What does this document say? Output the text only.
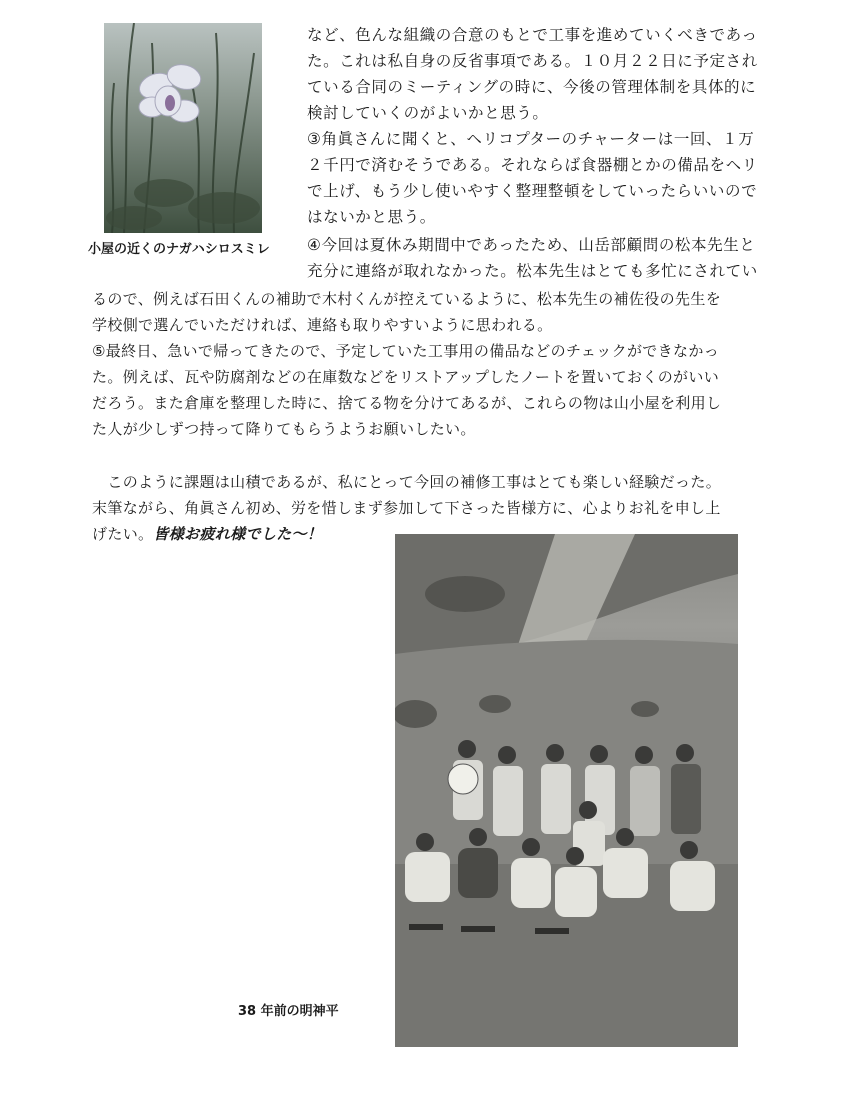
小屋の近くのナガハシロスミレ
など、色んな組織の合意のもとで工事を進めていくべきであっ
た。これは私自身の反省事項である。１０月２２日に予定され
ている合同のミーティングの時に、今後の管理体制を具体的に
検討していくのがよいかと思う。
③角眞さんに聞くと、ヘリコプターのチャーターは一回、１万
２千円で済むそうである。それならば食器棚とかの備品をヘリ
で上げ、もう少し使いやすく整理整頓をしていったらいいので
はないかと思う。
④今回は夏休み期間中であったため、山岳部顧問の松本先生と
充分に連絡が取れなかった。松本先生はとても多忙にされてい
るので、例えば石田くんの補助で木村くんが控えているように、松本先生の補佐役の先生を
学校側で選んでいただければ、連絡も取りやすいように思われる。
⑤最終日、急いで帰ってきたので、予定していた工事用の備品などのチェックができなかっ
た。例えば、瓦や防腐剤などの在庫数などをリストアップしたノートを置いておくのがいい
だろう。また倉庫を整理した時に、捨てる物を分けてあるが、これらの物は山小屋を利用し
た人が少しずつ持って降りてもらうようお願いしたい。
　このように課題は山積であるが、私にとって今回の補修工事はとても楽しい経験だった。
末筆ながら、角眞さん初め、労を惜しまず参加して下さった皆様方に、心よりお礼を申し上
げたい。皆様お疲れ様でした～！
38 年前の明神平
